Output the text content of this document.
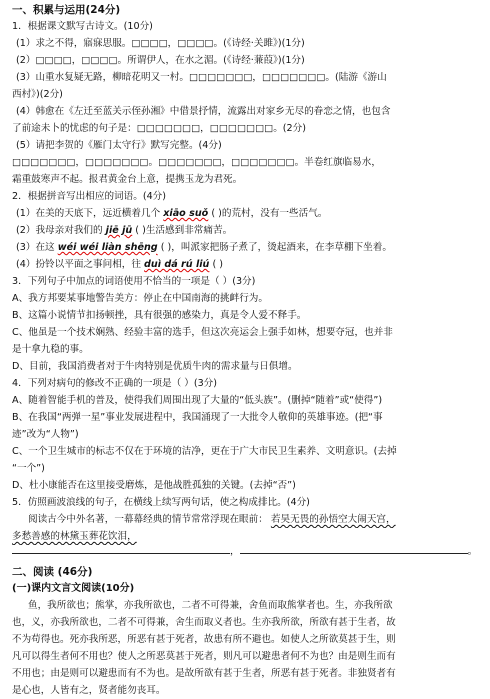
一、积累与运用(24分)
1．根据课文默写古诗文。(10分)
(1）求之不得，寤寐思服。□□□□，□□□□。(《诗经·关雎》)(1分)
(2）□□□□，□□□□。所谓伊人，在水之湄。(《诗经·蒹葭》)(1分)
(3）山重水复疑无路，柳暗花明又一村。□□□□□□□，□□□□□□□。(陆游《游山
西村》)(2分)
(4）韩愈在《左迁至蓝关示侄孙湘》中借景抒情，流露出对家乡无尽的眷恋之情，也包含
了前途未卜的忧虑的句子是：□□□□□□□，□□□□□□□。(2分)
(5）请把李贺的《雁门太守行》默写完整。(4分)
□□□□□□□，□□□□□□□。□□□□□□□，□□□□□□□。半卷红旗临易水，
霜重鼓寒声不起。报君黄金台上意，提携玉龙为君死。
2．根据拼音写出相应的词语。(4分)
(1）在美的天底下，远近横着几个 xiāo suǒ ( )的荒村，没有一些活气。
(2）我母亲对我们的 jiē jū ( )生活感到非常痛苦。
(3）在这 wéi wéi liàn shēng ( )，叫派家把肠子煮了，烫起酒来，在李草棚下坐着。
(4）扮铃以平面之事问相，往 duì dá rú liú ( )
3．下列句子中加点的词语使用不恰当的一项是（ ）(3分)
A、我方邦要某事地警告美方：停止在中国南海的挑衅行为。
B、这篇小说情节扣扬顿挫，具有很强的感染力，真是令人爱不释手。
C、他虽是一个技术娴熟、经验丰富的选手，但这次亮运会上强手如林，想要夺冠，也并非
是十拿九稳的事。
D、目前，我国消费者对于牛肉特别是优质牛肉的需求量与日俱增。
4．下列对病句的修改不正确的一项是（ ）(3分)
A、随着智能手机的普及，使得我们周围出现了大量的“低头族”。(删掉“随着”或“使得”)
B、在我国“两弹一星”事业发展进程中，我国涌现了一大批令人敬仰的英雄事迹。(把“事
迹”改为“人物”)
C、一个卫生城市的标志不仅在于环境的洁净，更在于广大市民卫生素养、文明意识。(去掉
“一个”)
D、杜小康能否在这里接受磨炼，是他战胜孤独的关键。(去掉“否”)
5．仿照画波浪线的句子，在横线上续写两句话，使之构成排比。(4分)
阅读古今中外名著，一幕幕经典的情节常常浮现在眼前： 若昊无畏的孙悟空大闹天宫，
多愁善感的林黛玉葬花饮泪，
，	。
二、阅读 (46分)
(一)课内文言文阅读(10分)
鱼，我所欲也；熊掌，亦我所欲也，二者不可得兼，舍鱼而取熊掌者也。生，亦我所欲
也，义，亦我所欲也，二者不可得兼，舍生而取义者也。生亦我所欲，所欲有甚于生者，故
不为苟得也。死亦我所恶，所恶有甚于死者，故患有所不避也。如使人之所欲莫甚于生，则
凡可以得生者何不用也？使人之所恶莫甚于死者，则凡可以避患者何不为也？由是则生而有
不用也；由是则可以避患而有不为也。是故所欲有甚于生者，所恶有甚于死者。非独贤者有
是心也，人皆有之，贤者能勿丧耳。
